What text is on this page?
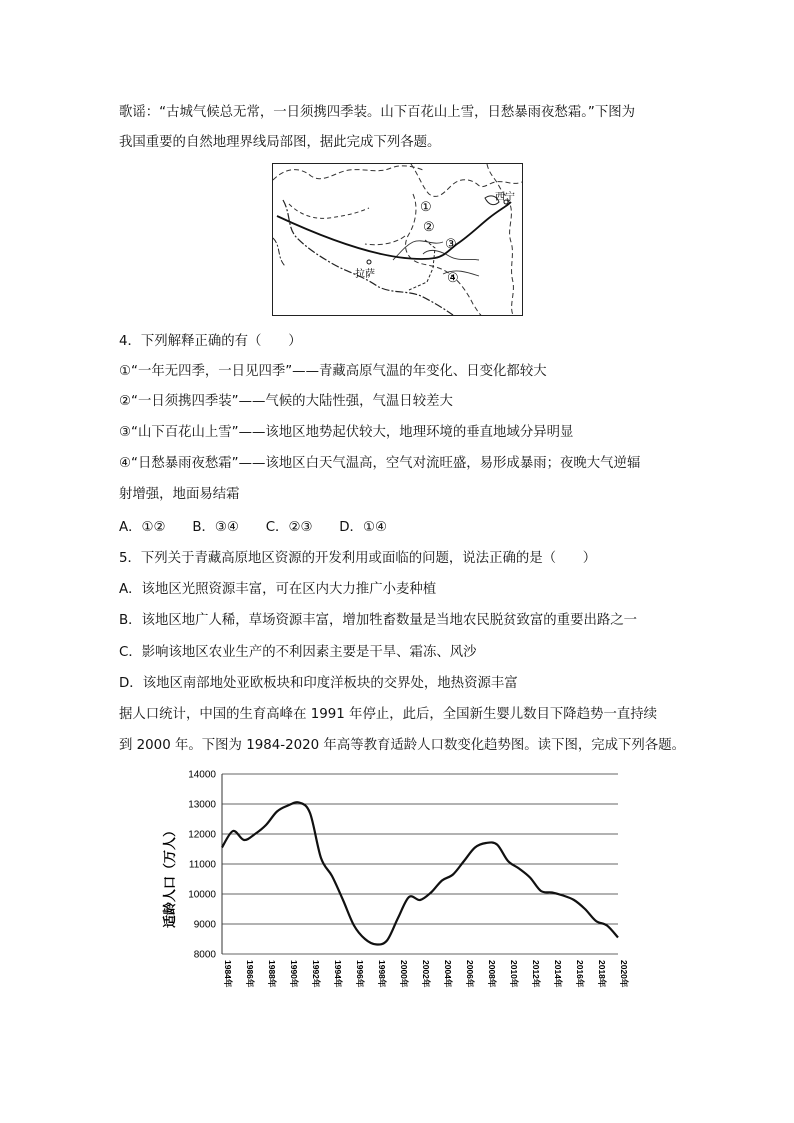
歌谣：“古城气候总无常，一日须携四季装。山下百花山上雪，日愁暴雨夜愁霜。”下图为
我国重要的自然地理界线局部图，据此完成下列各题。
①
②
③
④
西宁
拉萨
4．下列解释正确的有（　　）
①“一年无四季，一日见四季”——青藏高原气温的年变化、日变化都较大
②“一日须携四季装”——气候的大陆性强，气温日较差大
③“山下百花山上雪”——该地区地势起伏较大，地理环境的垂直地域分异明显
④“日愁暴雨夜愁霜”——该地区白天气温高，空气对流旺盛，易形成暴雨；夜晚大气逆辐
射增强，地面易结霜
A．①②　　B．③④　　C．②③　　D．①④
5．下列关于青藏高原地区资源的开发利用或面临的问题，说法正确的是（　　）
A．该地区光照资源丰富，可在区内大力推广小麦种植
B．该地区地广人稀，草场资源丰富，增加牲畜数量是当地农民脱贫致富的重要出路之一
C．影响该地区农业生产的不利因素主要是干旱、霜冻、风沙
D．该地区南部地处亚欧板块和印度洋板块的交界处，地热资源丰富
据人口统计，中国的生育高峰在 1991 年停止，此后，全国新生婴儿数目下降趋势一直持续
到 2000 年。下图为 1984-2020 年高等教育适龄人口数变化趋势图。读下图，完成下列各题。
14000
13000
12000
11000
10000
9000
8000
1984年 1986年 1988年 1990年 1992年 1994年 1996年 1998年 2000年 2002年 2004年 2006年 2008年 2010年 2012年 2014年 2016年 2018年 2020年
适龄人口（万人）
